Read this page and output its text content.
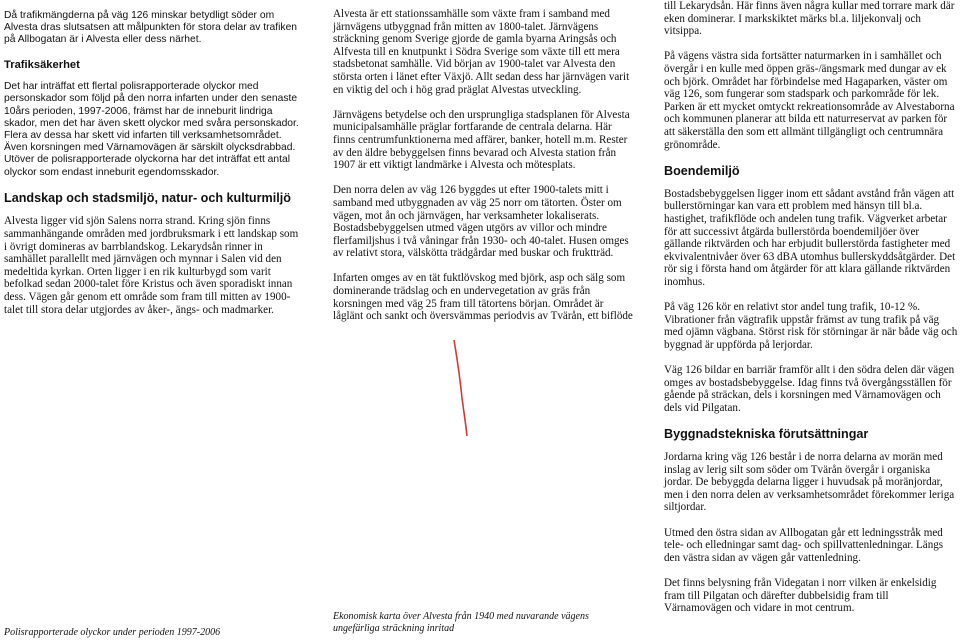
Då trafikmängderna på väg 126 minskar betydligt söder om Alvesta dras slutsatsen att målpunkten för stora delar av trafiken på Allbogatan är i Alvesta eller dess närhet.

Trafiksäkerhet

Det har inträffat ett flertal polisrapporterade olyckor med personskador som följd på den norra infarten under den senaste 10års perioden, 1997-2006, främst har de inneburit lindriga skador, men det har även skett olyckor med svåra personskador. Flera av dessa har skett vid infarten till verksamhetsområdet. Även korsningen med Värnamovägen är särskilt olycksdrabbad. Utöver de polisrapporterade olyckorna har det inträffat ett antal olyckor som endast inneburit egendomsskador.

Landskap och stadsmiljö, natur- och kulturmiljö

Alvesta ligger vid sjön Salens norra strand. Kring sjön finns sammanhängande områden med jordbruksmark i ett landskap som i övrigt domineras av barrblandskog. Lekarydsån rinner in samhället parallellt med järnvägen och mynnar i Salen vid den medeltida kyrkan. Orten ligger i en rik kulturbygd som varit befolkad sedan 2000-talet före Kristus och även sporadiskt innan dess. Vägen går genom ett område som fram till mitten av 1900-talet till stora delar utgjordes av åker-, ängs- och madmarker.

Alvesta är ett stationssamhälle som växte fram i samband med järnvägens utbyggnad från mitten av 1800-talet. Järnvägens sträckning genom Sverige gjorde de gamla byarna Aringsås och Alfvesta till en knutpunkt i Södra Sverige som växte till ett mera stadsbetonat samhälle. Vid början av 1900-talet var Alvesta den största orten i länet efter Växjö. Allt sedan dess har järnvägen varit en viktig del och i hög grad präglat Alvestas utveckling.

Järnvägens betydelse och den ursprungliga stadsplanen för Alvesta municipalsamhälle präglar fortfarande de centrala delarna. Här finns centrumfunktionerna med affärer, banker, hotell m.m. Rester av den äldre bebyggelsen finns bevarad och Alvesta station från 1907 är ett viktigt landmärke i Alvesta och mötesplats.

Den norra delen av väg 126 byggdes ut efter 1900-talets mitt i samband med utbyggnaden av väg 25 norr om tätorten. Öster om vägen, mot ån och järnvägen, har verksamheter lokaliserats. Bostadsbebyggelsen utmed vägen utgörs av villor och mindre flerfamiljshus i två våningar från 1930- och 40-talet. Husen omges av relativt stora, välskötta trädgårdar med buskar och fruktträd.

Infarten omges av en tät fuktlövskog med björk, asp och sälg som dominerande trädslag och en undervegetation av gräs från korsningen med väg 25 fram till tätortens början. Området är låglänt och sankt och översvämmas periodvis av Tvärån, ett biflöde

till Lekarydsån. Här finns även några kullar med torrare mark där eken dominerar. I markskiktet märks bl.a. liljekonvalj och vitsippa.

På vägens västra sida fortsätter naturmarken in i samhället och övergår i en kulle med öppen gräs-/ängsmark med dungar av ek och björk. Området har förbindelse med Hagaparken, väster om väg 126, som fungerar som stadspark och parkområde för lek. Parken är ett mycket omtyckt rekreationsområde av Alvestaborna och kommunen planerar att bilda ett naturreservat av parken för att säkerställa den som ett allmänt tillgängligt och centrumnära grönområde.

Boendemiljö

Bostadsbebyggelsen ligger inom ett sådant avstånd från vägen att bullerstörningar kan vara ett problem med hänsyn till bl.a. hastighet, trafikflöde och andelen tung trafik. Vägverket arbetar för att successivt åtgärda bullerstörda boendemiljöer över gällande riktvärden och har erbjudit bullerstörda fastigheter med ekvivalentnivåer över 63 dBA utomhus bullerskyddsåtgärder. Det rör sig i första hand om åtgärder för att klara gällande riktvärden inomhus.

På väg 126 kör en relativt stor andel tung trafik, 10-12 %. Vibrationer från vägtrafik uppstår främst av tung trafik på väg med ojämn vägbana. Störst risk för störningar är när både väg och byggnad är uppförda på lerjordar.

Väg 126 bildar en barriär framför allt i den södra delen där vägen omges av bostadsbebyggelse. Idag finns två övergångsställen för gående på sträckan, dels i korsningen med Värnamovägen och dels vid Pilgatan.

Byggnadstekniska förutsättningar

Jordarna kring väg 126 består i de norra delarna av morän med inslag av lerig silt som söder om Tvärån övergår i organiska jordar. De bebyggda delarna ligger i huvudsak på moränjordar, men i den norra delen av verksamhetsområdet förekommer leriga siltjordar.

Utmed den östra sidan av Allbogatan går ett ledningsstråk med tele- och elledningar samt dag- och spillvattenledningar. Längs den västra sidan av vägen går vattenledning.

Det finns belysning från Videgatan i norr vilken är enkelsidig fram till Pilgatan och därefter dubbelsidig fram till Värnamovägen och vidare in mot centrum.

Polisrapporterade olyckor under perioden 1997-2006

Ekonomisk karta över Alvesta från 1940 med nuvarande vägens ungefärliga sträckning inritad
